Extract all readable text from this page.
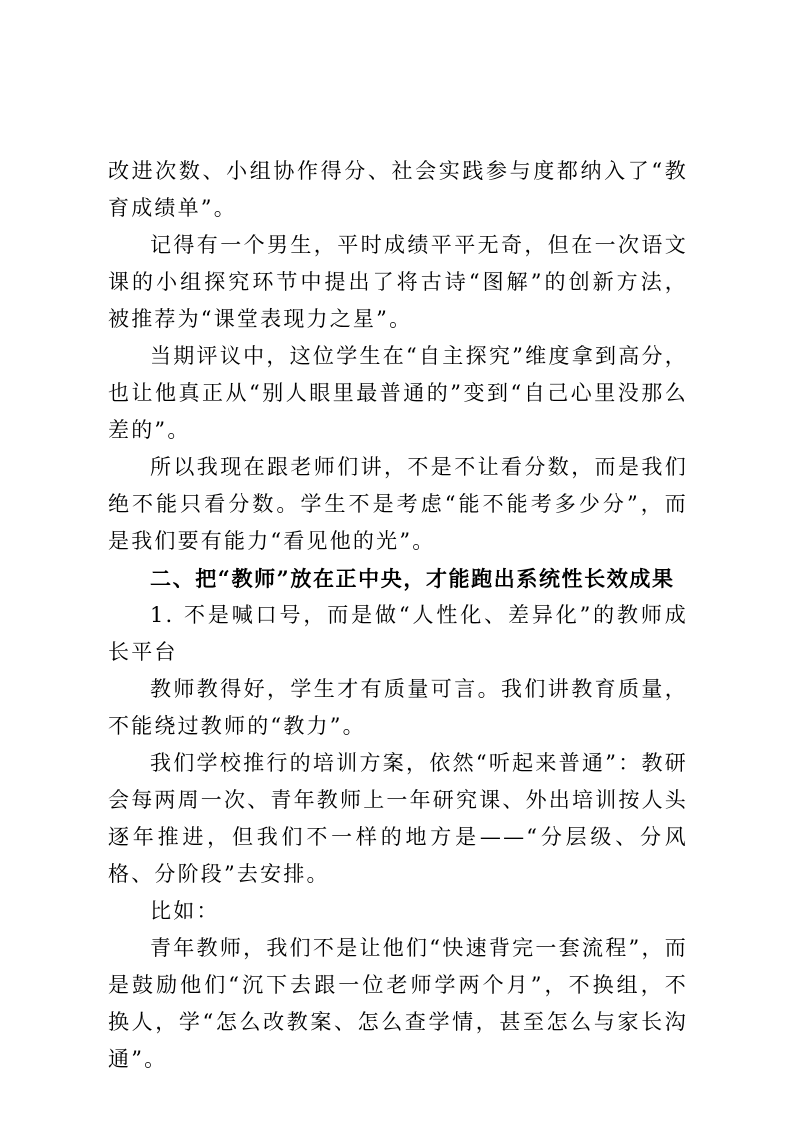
改进次数、小组协作得分、社会实践参与度都纳入了“教育成绩单”。

记得有一个男生，平时成绩平平无奇，但在一次语文课的小组探究环节中提出了将古诗“图解”的创新方法，被推荐为“课堂表现力之星”。

当期评议中，这位学生在“自主探究”维度拿到高分，也让他真正从“别人眼里最普通的”变到“自己心里没那么差的”。

所以我现在跟老师们讲，不是不让看分数，而是我们绝不能只看分数。学生不是考虑“能不能考多少分”，而是我们要有能力“看见他的光”。

二、把“教师”放在正中央，才能跑出系统性长效成果

1. 不是喊口号，而是做“人性化、差异化”的教师成长平台

教师教得好，学生才有质量可言。我们讲教育质量，不能绕过教师的“教力”。

我们学校推行的培训方案，依然“听起来普通”：教研会每两周一次、青年教师上一年研究课、外出培训按人头逐年推进，但我们不一样的地方是——“分层级、分风格、分阶段”去安排。

比如：

青年教师，我们不是让他们“快速背完一套流程”，而是鼓励他们“沉下去跟一位老师学两个月”，不换组，不换人，学“怎么改教案、怎么查学情，甚至怎么与家长沟通”。
